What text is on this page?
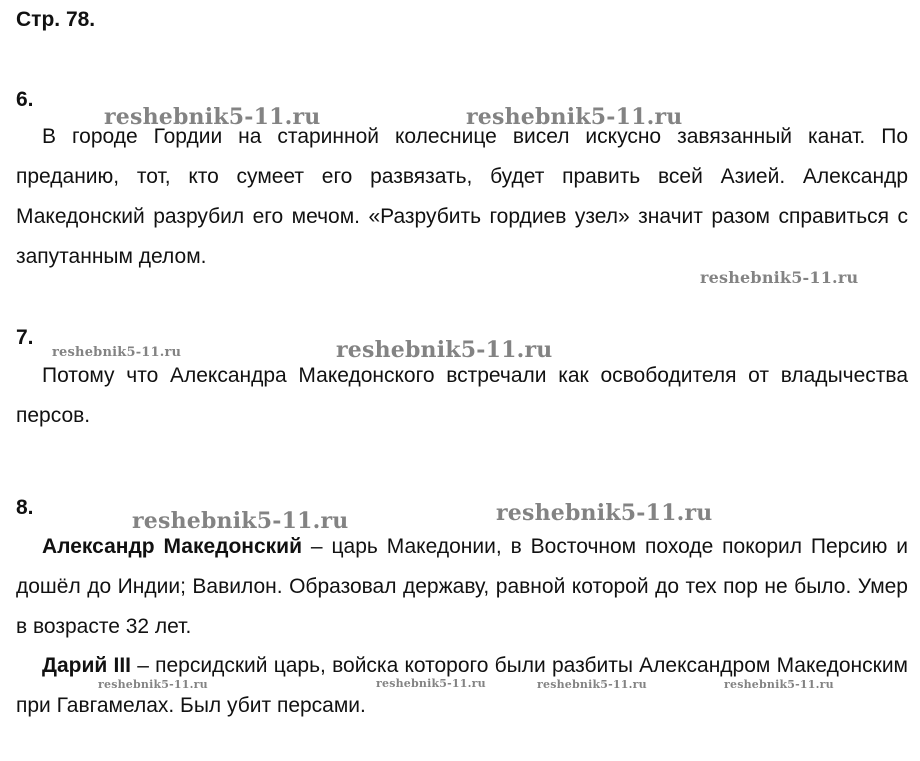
Стр. 78.
6.

В городе Гордии на старинной колеснице висел искусно завязанный канат. По преданию, тот, кто сумеет его развязать, будет править всей Азией. Александр Македонский разрубил его мечом. «Разрубить гордиев узел» значит разом справиться с запутанным делом.

7.

Потому что Александра Македонского встречали как освободителя от владычества персов.

8.

Александр Македонский – царь Македонии, в Восточном походе покорил Персию и дошёл до Индии; Вавилон. Образовал державу, равной которой до тех пор не было. Умер в возрасте 32 лет.

Дарий III – персидский царь, войска которого были разбиты Александром Македонским при Гавгамелах. Был убит персами.

reshebnik5-11.ru	reshebnik5-11.ru
reshebnik5-11.ru
reshebnik5-11.ru	reshebnik5-11.ru
reshebnik5-11.ru	reshebnik5-11.ru
reshebnik5-11.ru	reshebnik5-11.ru	reshebnik5-11.ru	reshebnik5-11.ru
